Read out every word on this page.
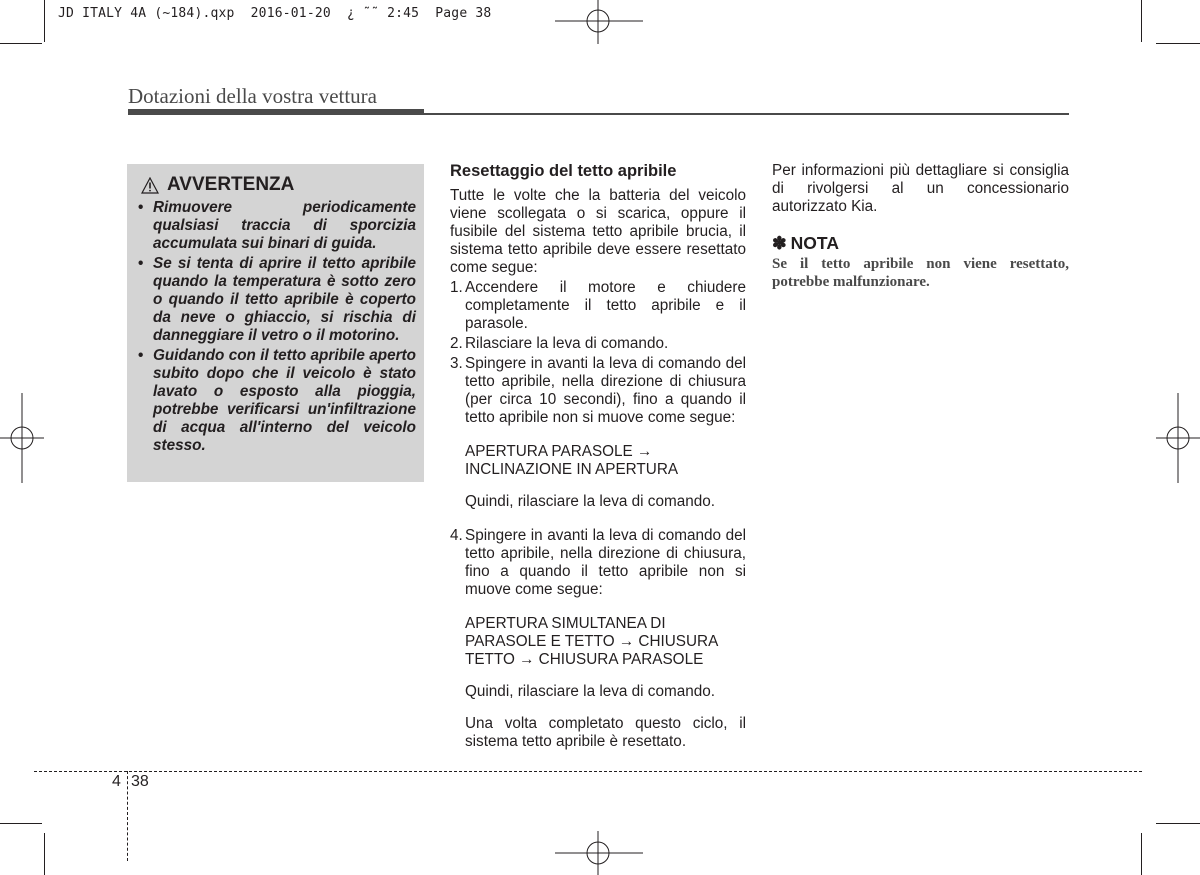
JD ITALY 4A (~184).qxp  2016-01-20  ¿ ˜˜ 2:45  Page 38
Dotazioni della vostra vettura
AVVERTENZA
• Rimuovere periodicamente qualsiasi traccia di sporcizia accumulata sui binari di guida.
• Se si tenta di aprire il tetto apribile quando la temperatura è sotto zero o quando il tetto apribile è coperto da neve o ghiaccio, si rischia di danneggiare il vetro o il motorino.
• Guidando con il tetto apribile aperto subito dopo che il veicolo è stato lavato o esposto alla pioggia, potrebbe verificarsi un'infiltrazione di acqua all'interno del veicolo stesso.
Resettaggio del tetto apribile

Tutte le volte che la batteria del veicolo viene scollegata o si scarica, oppure il fusibile del sistema tetto apribile brucia, il sistema tetto apribile deve essere resettato come segue:

1. Accendere il motore e chiudere completamente il tetto apribile e il parasole.
2. Rilasciare la leva di comando.
3. Spingere in avanti la leva di comando del tetto apribile, nella direzione di chiusura (per circa 10 secondi), fino a quando il tetto apribile non si muove come segue:

APERTURA PARASOLE →

INCLINAZIONE IN APERTURA

Quindi, rilasciare la leva di comando.

4. Spingere in avanti la leva di comando del tetto apribile, nella direzione di chiusura, fino a quando il tetto apribile non si muove come segue:

APERTURA SIMULTANEA DI

PARASOLE E TETTO → CHIUSURA

TETTO → CHIUSURA PARASOLE

Quindi, rilasciare la leva di comando.

Una volta completato questo ciclo, il sistema tetto apribile è resettato.

Per informazioni più dettagliare si consiglia di rivolgersi al un concessionario autorizzato Kia.

✽ NOTA
Se il tetto apribile non viene resettato, potrebbe malfunzionare.
4 38
